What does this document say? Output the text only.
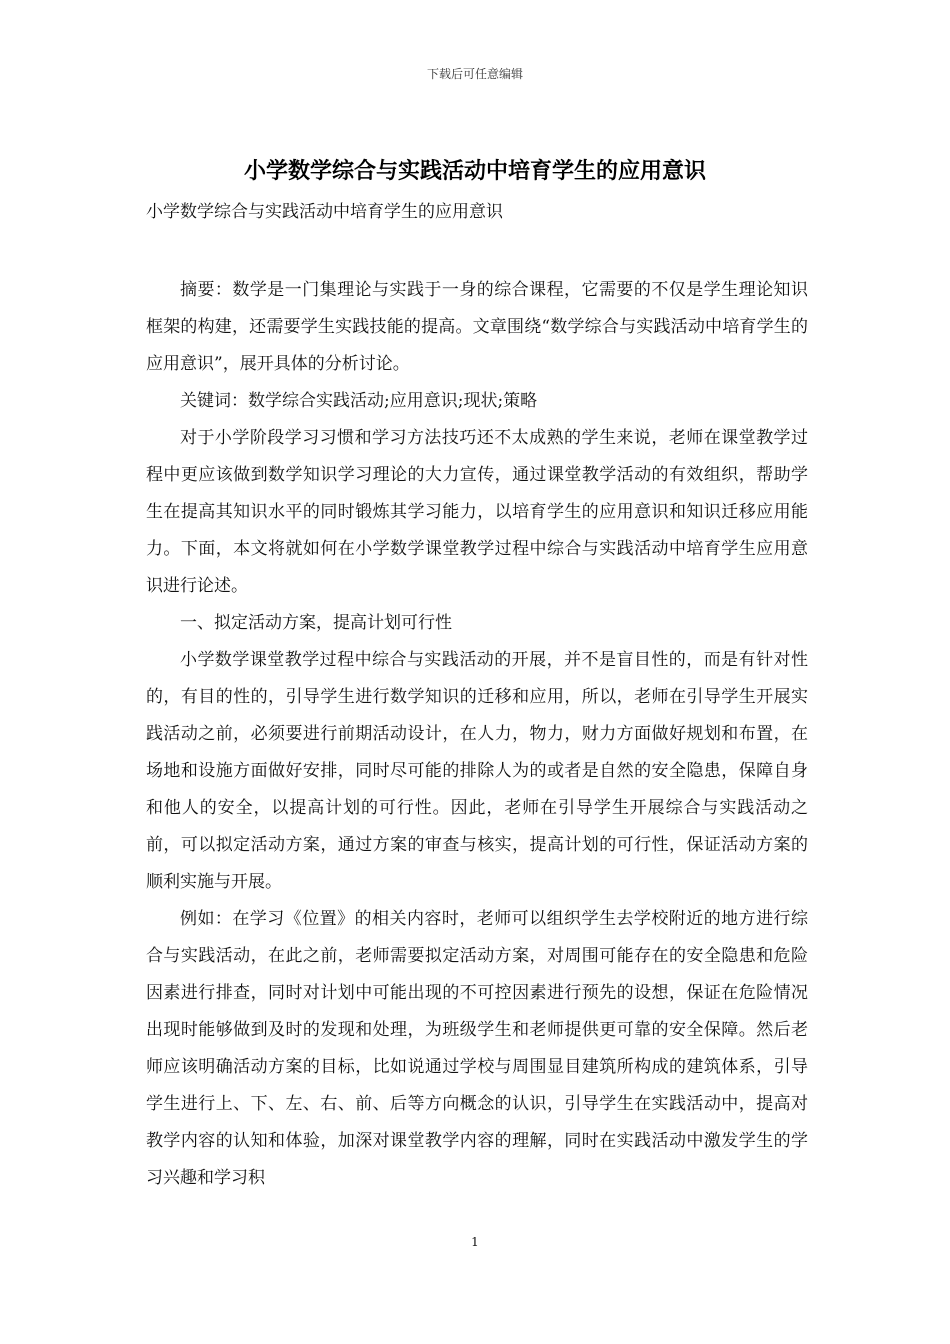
下载后可任意编辑
小学数学综合与实践活动中培育学生的应用意识
小学数学综合与实践活动中培育学生的应用意识

摘要：数学是一门集理论与实践于一身的综合课程，它需要的不仅是学生理论知识框架的构建，还需要学生实践技能的提高。文章围绕“数学综合与实践活动中培育学生的应用意识”，展开具体的分析讨论。

关键词：数学综合实践活动;应用意识;现状;策略

对于小学阶段学习习惯和学习方法技巧还不太成熟的学生来说，老师在课堂教学过程中更应该做到数学知识学习理论的大力宣传，通过课堂教学活动的有效组织，帮助学生在提高其知识水平的同时锻炼其学习能力，以培育学生的应用意识和知识迁移应用能力。下面，本文将就如何在小学数学课堂教学过程中综合与实践活动中培育学生应用意识进行论述。

一、拟定活动方案，提高计划可行性

小学数学课堂教学过程中综合与实践活动的开展，并不是盲目性的，而是有针对性的，有目的性的，引导学生进行数学知识的迁移和应用，所以，老师在引导学生开展实践活动之前，必须要进行前期活动设计，在人力，物力，财力方面做好规划和布置，在场地和设施方面做好安排，同时尽可能的排除人为的或者是自然的安全隐患，保障自身和他人的安全，以提高计划的可行性。因此，老师在引导学生开展综合与实践活动之前，可以拟定活动方案，通过方案的审查与核实，提高计划的可行性，保证活动方案的顺利实施与开展。

例如：在学习《位置》的相关内容时，老师可以组织学生去学校附近的地方进行综合与实践活动，在此之前，老师需要拟定活动方案，对周围可能存在的安全隐患和危险因素进行排查，同时对计划中可能出现的不可控因素进行预先的设想，保证在危险情况出现时能够做到及时的发现和处理，为班级学生和老师提供更可靠的安全保障。然后老师应该明确活动方案的目标，比如说通过学校与周围显目建筑所构成的建筑体系，引导学生进行上、下、左、右、前、后等方向概念的认识，引导学生在实践活动中，提高对教学内容的认知和体验，加深对课堂教学内容的理解，同时在实践活动中激发学生的学习兴趣和学习积

1
